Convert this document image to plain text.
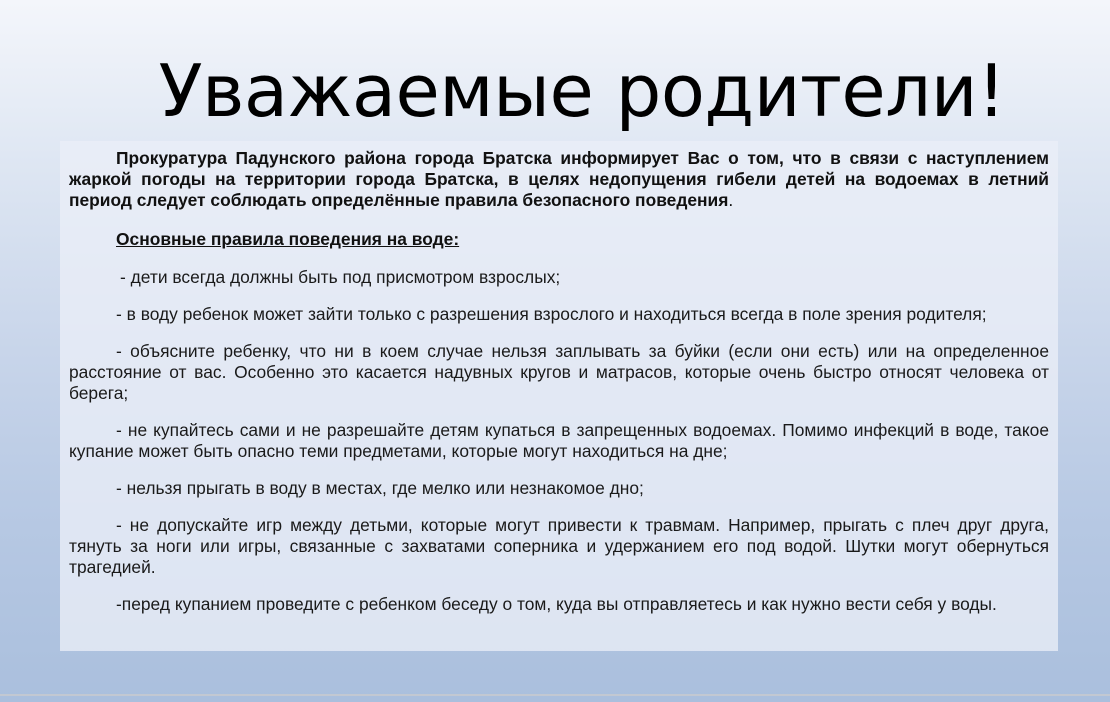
Уважаемые родители!

Прокуратура Падунского района города Братска информирует Вас о том, что в связи с наступлением жаркой погоды на территории города Братска, в целях недопущения гибели детей на водоемах в летний период следует соблюдать определённые правила безопасного поведения.

Основные правила поведения на воде:

- дети всегда должны быть под присмотром взрослых;

- в воду ребенок может зайти только с разрешения взрослого и находиться всегда в поле зрения родителя;

- объясните ребенку, что ни в коем случае нельзя заплывать за буйки (если они есть) или на определенное расстояние от вас. Особенно это касается надувных кругов и матрасов, которые очень быстро относят человека от берега;

- не купайтесь сами и не разрешайте детям купаться в запрещенных водоемах. Помимо инфекций в воде, такое купание может быть опасно теми предметами, которые могут находиться на дне;

- нельзя прыгать в воду в местах, где мелко или незнакомое дно;

- не допускайте игр между детьми, которые могут привести к травмам. Например, прыгать с плеч друг друга, тянуть за ноги или игры, связанные с захватами соперника и удержанием его под водой. Шутки могут обернуться трагедией.

-перед купанием проведите с ребенком беседу о том, куда вы отправляетесь и как нужно вести себя у воды.
